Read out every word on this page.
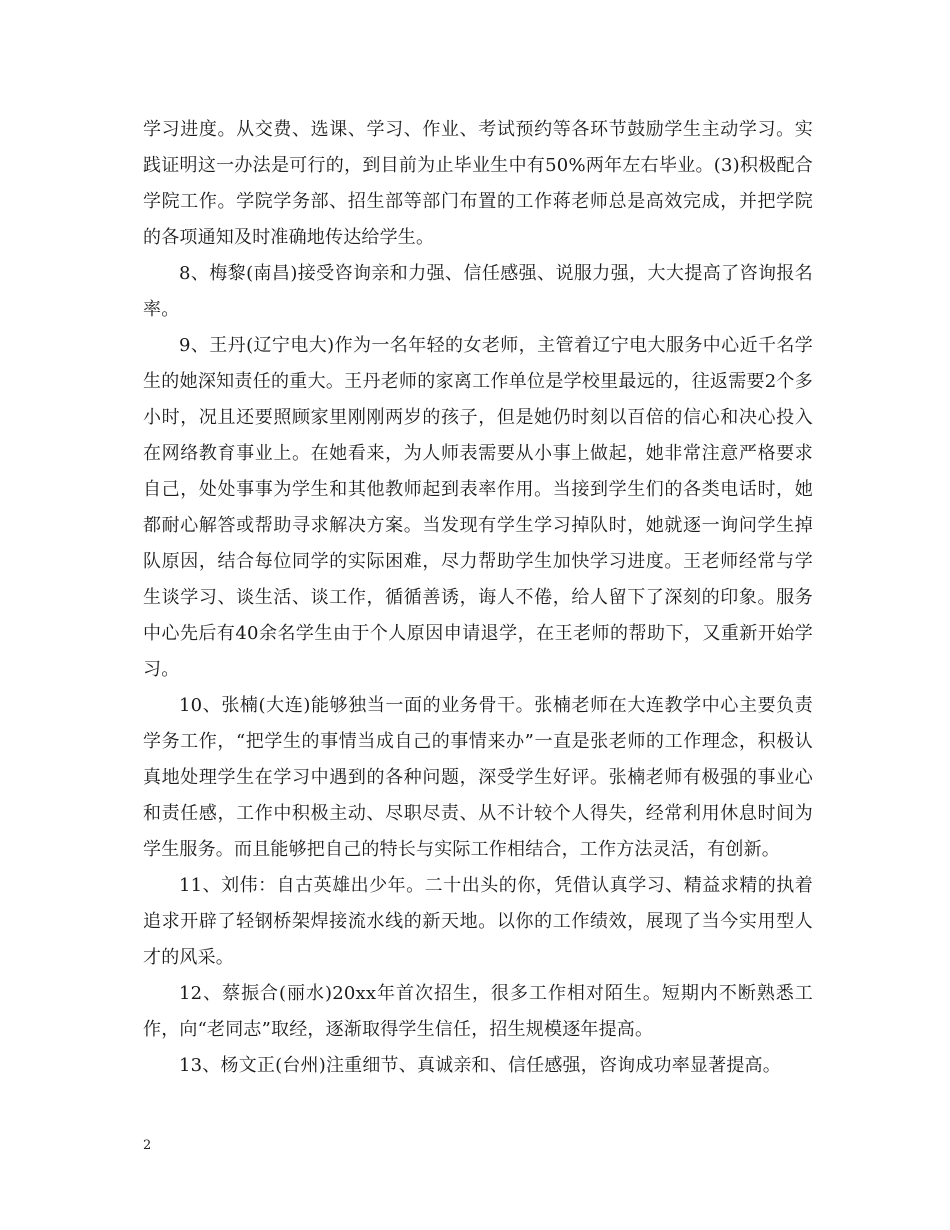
学习进度。从交费、选课、学习、作业、考试预约等各环节鼓励学生主动学习。实践证明这一办法是可行的，到目前为止毕业生中有50%两年左右毕业。(3)积极配合学院工作。学院学务部、招生部等部门布置的工作蒋老师总是高效完成，并把学院的各项通知及时准确地传达给学生。

8、梅黎(南昌)接受咨询亲和力强、信任感强、说服力强，大大提高了咨询报名率。

9、王丹(辽宁电大)作为一名年轻的女老师，主管着辽宁电大服务中心近千名学生的她深知责任的重大。王丹老师的家离工作单位是学校里最远的，往返需要2个多小时，况且还要照顾家里刚刚两岁的孩子，但是她仍时刻以百倍的信心和决心投入在网络教育事业上。在她看来，为人师表需要从小事上做起，她非常注意严格要求自己，处处事事为学生和其他教师起到表率作用。当接到学生们的各类电话时，她都耐心解答或帮助寻求解决方案。当发现有学生学习掉队时，她就逐一询问学生掉队原因，结合每位同学的实际困难，尽力帮助学生加快学习进度。王老师经常与学生谈学习、谈生活、谈工作，循循善诱，诲人不倦，给人留下了深刻的印象。服务中心先后有40余名学生由于个人原因申请退学，在王老师的帮助下，又重新开始学习。

10、张楠(大连)能够独当一面的业务骨干。张楠老师在大连教学中心主要负责学务工作，“把学生的事情当成自己的事情来办”一直是张老师的工作理念，积极认真地处理学生在学习中遇到的各种问题，深受学生好评。张楠老师有极强的事业心和责任感，工作中积极主动、尽职尽责、从不计较个人得失，经常利用休息时间为学生服务。而且能够把自己的特长与实际工作相结合，工作方法灵活，有创新。

11、刘伟：自古英雄出少年。二十出头的你，凭借认真学习、精益求精的执着追求开辟了轻钢桥架焊接流水线的新天地。以你的工作绩效，展现了当今实用型人才的风采。

12、蔡振合(丽水)20xx年首次招生，很多工作相对陌生。短期内不断熟悉工作，向“老同志”取经，逐渐取得学生信任，招生规模逐年提高。

13、杨文正(台州)注重细节、真诚亲和、信任感强，咨询成功率显著提高。

2
